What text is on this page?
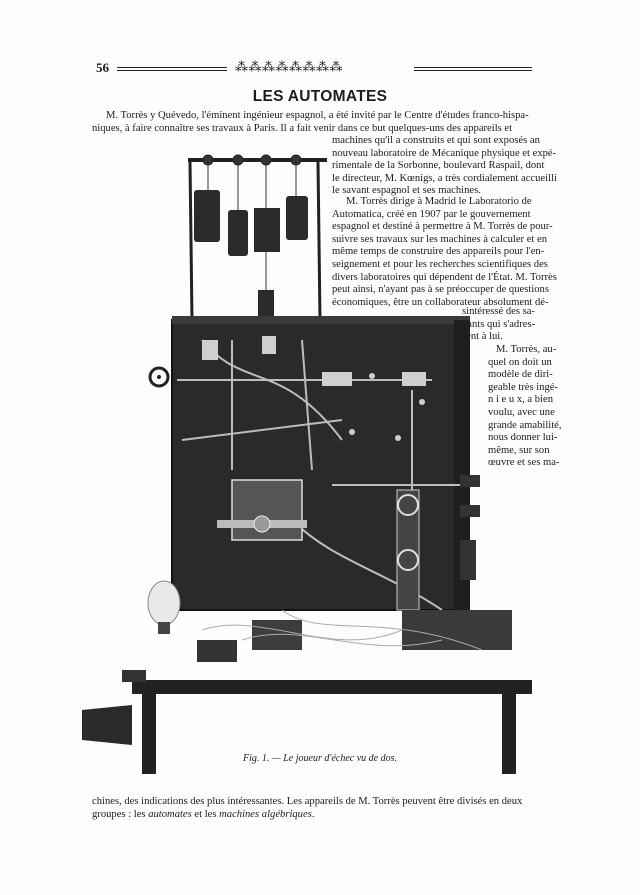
56	⁂⁂⁂⁂⁂⁂⁂⁂
LES AUTOMATES
M. Torrès y Quévedo, l'éminent ingénieur espagnol, a été invité par le Centre d'études franco-hispa-
niques, à faire connaître ses travaux à Paris. Il a fait venir dans ce but quelques-uns des appareils et
machines qu'il a construits et qui sont exposés an
nouveau laboratoire de Mécanique physique et expé-
rimentale de la Sorbonne, boulevard Raspail, dont
le directeur, M. Kœnigs, a très cordialement accueilli
le savant espagnol et ses machines.
M. Torrès dirige à Madrid le Laboratorio de
Automatica, créé en 1907 par le gouvernement
espagnol et destiné à permettre à M. Torrès de pour-
suivre ses travaux sur les machines à calculer et en
même temps de construire des appareils pour l'en-
seignement et pour les recherches scientifiques des
divers laboratoires qui dépendent de l'État. M. Torrès
peut ainsi, n'ayant pas à se préoccuper de questions
économiques, être un collaborateur absolument dé-
sintéressé des sa-
vants qui s'adres-
sent à lui.
M. Torrès, au-
quel on doit un
modèle de diri-
geable très ingé-
n i e u x, a bien
voulu, avec une
grande amabilité,
nous donner lui-
même, sur son
œuvre et ses ma-
Fig. 1. — Le joueur d'échec vu de dos.
chines, des indications des plus intéressantes. Les appareils de M. Torrès peuvent être divisés en deux
groupes : les automates et les machines algébriques.
